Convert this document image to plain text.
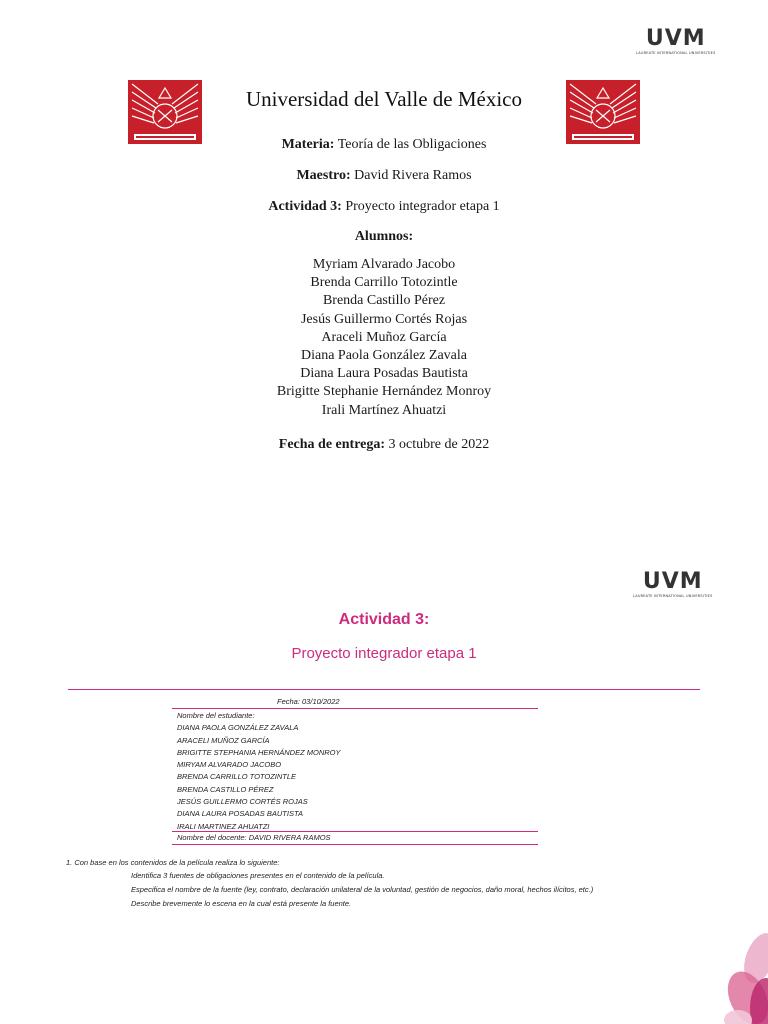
UVM
LAUREATE INTERNATIONAL UNIVERSITIES
Universidad del Valle de México
Materia: Teoría de las Obligaciones
Maestro: David Rivera Ramos
Actividad 3: Proyecto integrador etapa 1
Alumnos:
Myriam Alvarado Jacobo
Brenda Carrillo Totozintle
Brenda Castillo Pérez
Jesús Guillermo Cortés Rojas
Araceli Muñoz García
Diana Paola González Zavala
Diana Laura Posadas Bautista
Brigitte Stephanie Hernández Monroy
Irali Martínez Ahuatzi
Fecha de entrega: 3 octubre de 2022
UVM
LAUREATE INTERNATIONAL UNIVERSITIES
Actividad 3:
Proyecto integrador etapa 1
Fecha: 03/10/2022
Nombre del estudiante:
DIANA PAOLA GONZÁLEZ ZAVALA
ARACELI MUÑOZ GARCÍA
BRIGITTE STEPHANIA HERNÁNDEZ MONROY
MIRYAM ALVARADO JACOBO
BRENDA CARRILLO TOTOZINTLE
BRENDA CASTILLO PÉREZ
JESÚS GUILLERMO CORTÉS ROJAS
DIANA LAURA POSADAS BAUTISTA
IRALI MARTINEZ AHUATZI
Nombre del docente: DAVID RIVERA RAMOS
1. Con base en los contenidos de la película realiza lo siguiente:
Identifica 3 fuentes de obligaciones presentes en el contenido de la película.
Especifica el nombre de la fuente (ley, contrato, declaración unilateral de la voluntad, gestión de negocios, daño moral, hechos ilícitos, etc.)
Describe brevemente lo escena en la cual está presente la fuente.
